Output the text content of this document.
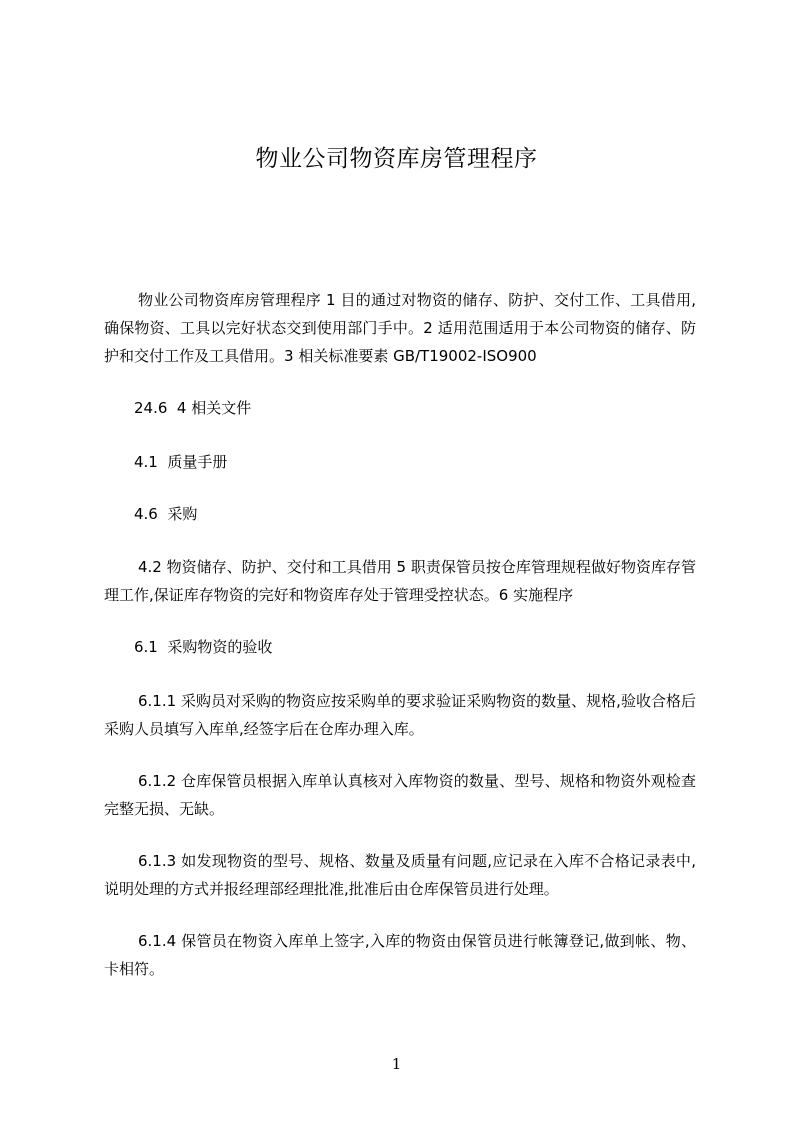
物业公司物资库房管理程序

物业公司物资库房管理程序 1 目的通过对物资的储存、防护、交付工作、工具借用,确保物资、工具以完好状态交到使用部门手中。2 适用范围适用于本公司物资的储存、防护和交付工作及工具借用。3 相关标准要素 GB/T19002-ISO900

24.6  4 相关文件

4.1  质量手册

4.6  采购

4.2 物资储存、防护、交付和工具借用 5 职责保管员按仓库管理规程做好物资库存管理工作,保证库存物资的完好和物资库存处于管理受控状态。6 实施程序

6.1  采购物资的验收

6.1.1 采购员对采购的物资应按采购单的要求验证采购物资的数量、规格,验收合格后采购人员填写入库单,经签字后在仓库办理入库。

6.1.2 仓库保管员根据入库单认真核对入库物资的数量、型号、规格和物资外观检查完整无损、无缺。

6.1.3 如发现物资的型号、规格、数量及质量有问题,应记录在入库不合格记录表中,说明处理的方式并报经理部经理批准,批准后由仓库保管员进行处理。

6.1.4 保管员在物资入库单上签字,入库的物资由保管员进行帐簿登记,做到帐、物、卡相符。

1
